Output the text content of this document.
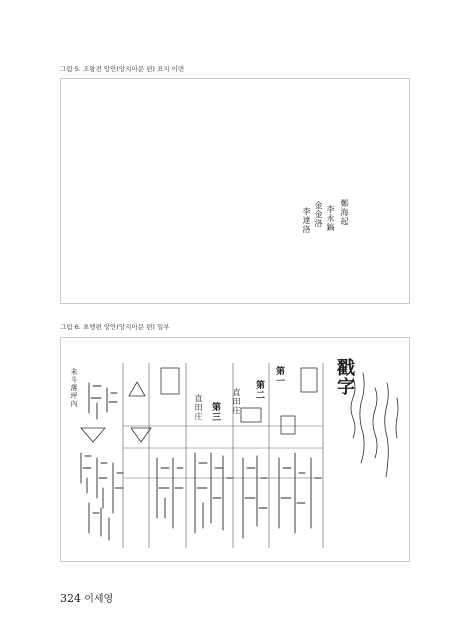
그림 5. 조왕전 앙안(앙지아문 편) 표지 이면
李達洛 金金洛 李永鎬 鄭海起
그림 6. 초행편 앙안(앙지아문 편) 일부
戳字
第一
第二
第三
直田庄	直田庄
未斗落坪內
324 이세영
